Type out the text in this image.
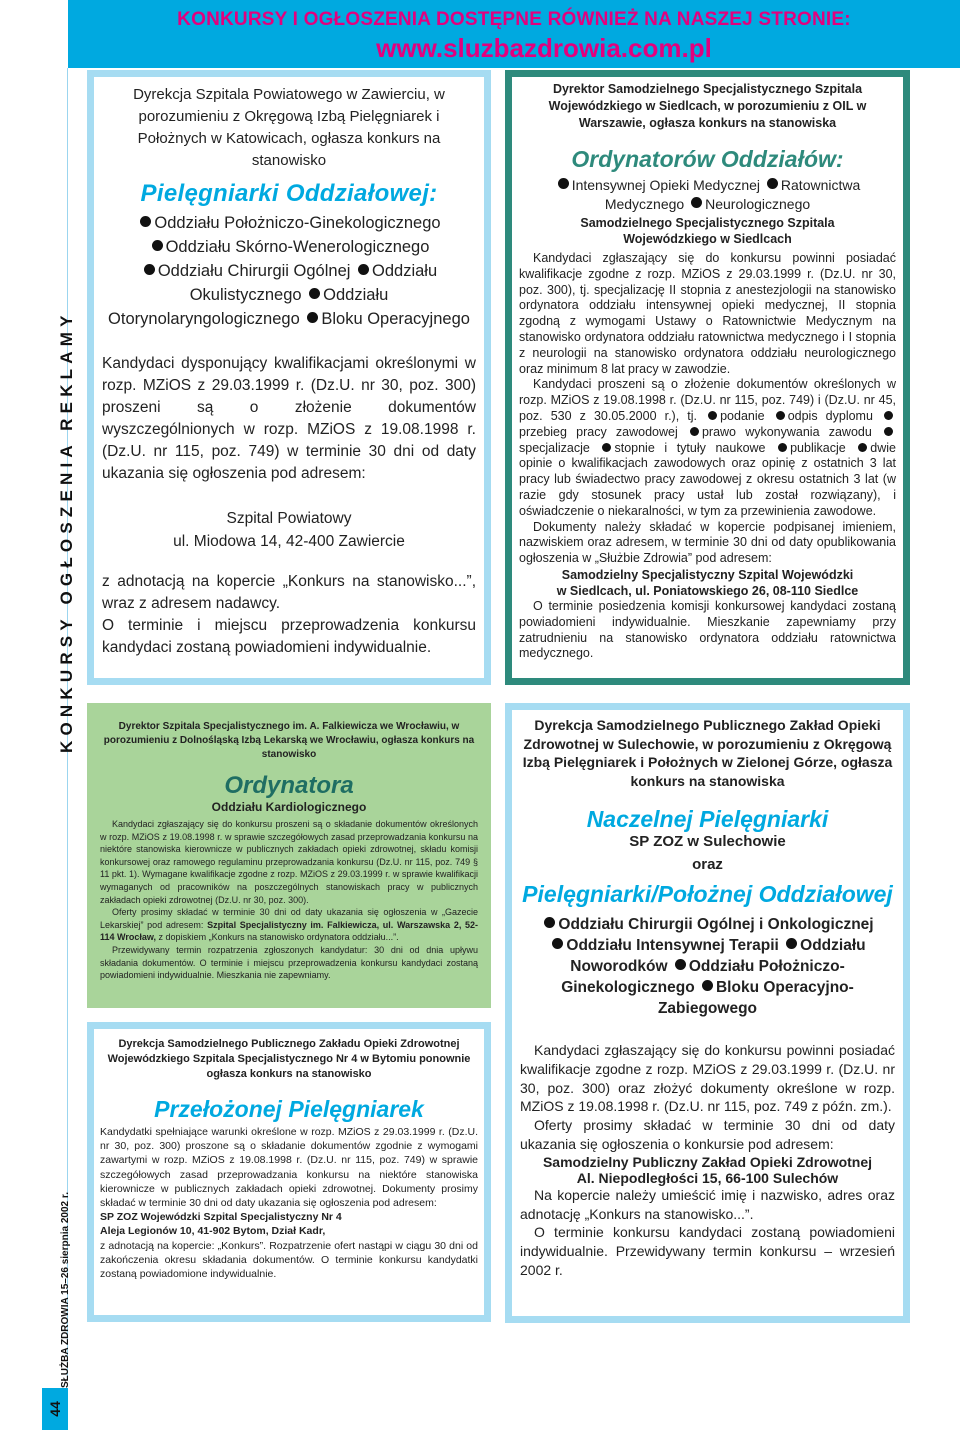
KONKURSY I OGŁOSZENIA DOSTĘPNE RÓWNIEŻ NA NASZEJ STRONIE:
www.sluzbazdrowia.com.pl
KONKURSY OGŁOSZENIA REKLAMY
SŁUŻBA ZDROWIA 15–26 sierpnia 2002 r.
44
Dyrekcja Szpitala Powiatowego w Zawierciu, w porozumieniu z Okręgową Izbą Pielęgniarek i Położnych w Katowicach, ogłasza konkurs na stanowisko
Pielęgniarki Oddziałowej:
Oddziału Położniczo-Ginekologicznego
Oddziału Skórno-Wenerologicznego
Oddziału Chirurgii Ogólnej Oddziału Okulistycznego Oddziału Otorynolaryngologicznego Bloku Operacyjnego
Kandydaci dysponujący kwalifikacjami określonymi w rozp. MZiOS z 29.03.1999 r. (Dz.U. nr 30, poz. 300) proszeni są o złożenie dokumentów wyszczególnionych w rozp. MZiOS z 19.08.1998 r. (Dz.U. nr 115, poz. 749) w terminie 30 dni od daty ukazania się ogłoszenia pod adresem:
Szpital Powiatowy
ul. Miodowa 14, 42-400 Zawiercie
z adnotacją na kopercie „Konkurs na stanowisko...”, wraz z adresem nadawcy.
O terminie i miejscu przeprowadzenia konkursu kandydaci zostaną powiadomieni indywidualnie.
Dyrektor Samodzielnego Specjalistycznego Szpitala Wojewódzkiego w Siedlcach, w porozumieniu z OIL w Warszawie, ogłasza konkurs na stanowiska
Ordynatorów Oddziałów:
Intensywnej Opieki Medycznej Ratownictwa
Medycznego Neurologicznego
Samodzielnego Specjalistycznego Szpitala
Wojewódzkiego w Siedlcach

Kandydaci zgłaszający się do konkursu powinni posiadać kwalifikacje zgodne z rozp. MZiOS z 29.03.1999 r. (Dz.U. nr 30, poz. 300), tj. specjalizację II stopnia z anestezjologii na stanowisko ordynatora oddziału intensywnej opieki medycznej, II stopnia zgodną z wymogami Ustawy o Ratownictwie Medycznym na stanowisko ordynatora oddziału ratownictwa medycznego i I stopnia z neurologii na stanowisko ordynatora oddziału neurologicznego oraz minimum 8 lat pracy w zawodzie.

Kandydaci proszeni są o złożenie dokumentów określonych w rozp. MZiOS z 19.08.1998 r. (Dz.U. nr 115, poz. 749) i (Dz.U. nr 45, poz. 530 z 30.05.2000 r.), tj. podanie odpis dyplomu przebieg pracy zawodowej prawo wykonywania zawodu specjalizacje stopnie i tytuły naukowe publikacje dwie opinie o kwalifikacjach zawodowych oraz opinię z ostatnich 3 lat pracy lub świadectwo pracy zawodowej z okresu ostatnich 3 lat (w razie gdy stosunek pracy ustał lub został rozwiązany), i oświadczenie o niekaralności, w tym za przewinienia zawodowe.

Dokumenty należy składać w kopercie podpisanej imieniem, nazwiskiem oraz adresem, w terminie 30 dni od daty opublikowania ogłoszenia w „Służbie Zdrowia” pod adresem:

Samodzielny Specjalistyczny Szpital Wojewódzki
w Siedlcach, ul. Poniatowskiego 26, 08-110 Siedlce

O terminie posiedzenia komisji konkursowej kandydaci zostaną powiadomieni indywidualnie. Mieszkanie zapewniamy przy zatrudnieniu na stanowisko ordynatora oddziału ratownictwa medycznego.

Dyrektor Szpitala Specjalistycznego im. A. Falkiewicza we Wrocławiu, w porozumieniu z Dolnośląską Izbą Lekarską we Wrocławiu, ogłasza konkurs na stanowisko
Ordynatora
Oddziału Kardiologicznego

Kandydaci zgłaszający się do konkursu proszeni są o składanie dokumentów określonych w rozp. MZiOS z 19.08.1998 r. w sprawie szczegółowych zasad przeprowadzania konkursu na niektóre stanowiska kierownicze w publicznych zakładach opieki zdrowotnej, składu komisji konkursowej oraz ramowego regulaminu przeprowadzania konkursu (Dz.U. nr 115, poz. 749 § 11 pkt. 1). Wymagane kwalifikacje zgodne z rozp. MZiOS z 29.03.1999 r. w sprawie kwalifikacji wymaganych od pracowników na poszczególnych stanowiskach pracy w publicznych zakładach opieki zdrowotnej (Dz.U. nr 30, poz. 300).

Oferty prosimy składać w terminie 30 dni od daty ukazania się ogłoszenia w „Gazecie Lekarskiej” pod adresem: Szpital Specjalistyczny im. Falkiewicza, ul. Warszawska 2, 52-114 Wrocław, z dopiskiem „Konkurs na stanowisko ordynatora oddziału...”.

Przewidywany termin rozpatrzenia zgłoszonych kandydatur: 30 dni od dnia upływu składania dokumentów. O terminie i miejscu przeprowadzenia konkursu kandydaci zostaną powiadomieni indywidualnie. Mieszkania nie zapewniamy.

Dyrekcja Samodzielnego Publicznego Zakładu Opieki Zdrowotnej Wojewódzkiego Szpitala Specjalistycznego Nr 4 w Bytomiu ponownie ogłasza konkurs na stanowisko
Przełożonej Pielęgniarek

Kandydatki spełniające warunki określone w rozp. MZiOS z 29.03.1999 r. (Dz.U. nr 30, poz. 300) proszone są o składanie dokumentów zgodnie z wymogami zawartymi w rozp. MZiOS z 19.08.1998 r. (Dz.U. nr 115, poz. 749) w sprawie szczegółowych zasad przeprowadzania konkursu na niektóre stanowiska kierownicze w publicznych zakładach opieki zdrowotnej. Dokumenty prosimy składać w terminie 30 dni od daty ukazania się ogłoszenia pod adresem:

SP ZOZ Wojewódzki Szpital Specjalistyczny Nr 4
Aleja Legionów 10, 41-902 Bytom, Dział Kadr,

z adnotacją na kopercie: „Konkurs”. Rozpatrzenie ofert nastąpi w ciągu 30 dni od zakończenia okresu składania dokumentów. O terminie konkursu kandydatki zostaną powiadomione indywidualnie.

Dyrekcja Samodzielnego Publicznego Zakład Opieki Zdrowotnej w Sulechowie, w porozumieniu z Okręgową Izbą Pielęgniarek i Położnych w Zielonej Górze, ogłasza konkurs na stanowiska
Naczelnej Pielęgniarki
SP ZOZ w Sulechowie
oraz
Pielęgniarki/Położnej Oddziałowej
Oddziału Chirurgii Ogólnej i Onkologicznej
Oddziału Intensywnej Terapii Oddziału Noworodków Oddziału Położniczo-Ginekologicznego Bloku Operacyjno-Zabiegowego

Kandydaci zgłaszający się do konkursu powinni posiadać kwalifikacje zgodne z rozp. MZiOS z 29.03.1999 r. (Dz.U. nr 30, poz. 300) oraz złożyć dokumenty określone w rozp. MZiOS z 19.08.1998 r. (Dz.U. nr 115, poz. 749 z późn. zm.).

Oferty prosimy składać w terminie 30 dni od daty ukazania się ogłoszenia o konkursie pod adresem:

Samodzielny Publiczny Zakład Opieki Zdrowotnej
Al. Niepodległości 15, 66-100 Sulechów

Na kopercie należy umieścić imię i nazwisko, adres oraz adnotację „Konkurs na stanowisko...”.

O terminie konkursu kandydaci zostaną powiadomieni indywidualnie. Przewidywany termin konkursu – wrzesień 2002 r.
